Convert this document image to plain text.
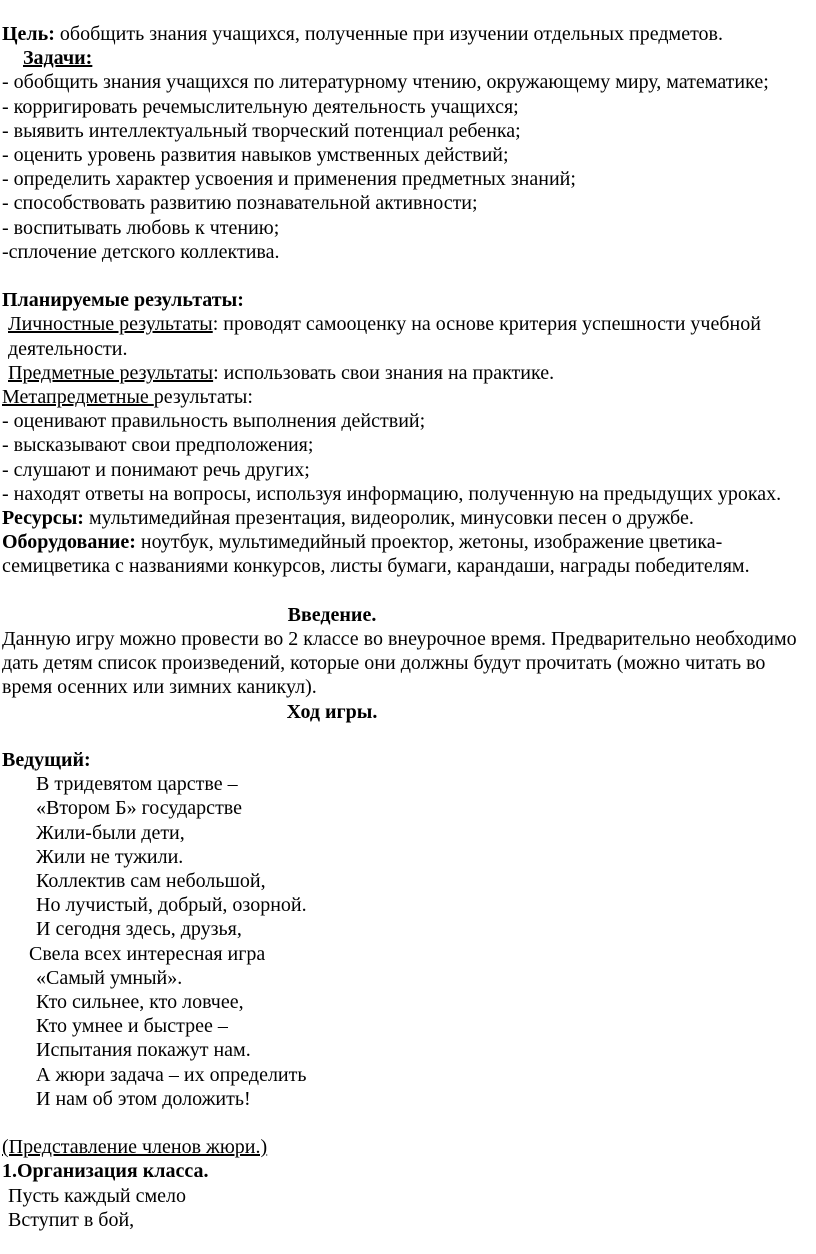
Цель: обобщить знания учащихся, полученные при изучении отдельных предметов.
Задачи:
- обобщить знания учащихся по литературному чтению, окружающему миру, математике;
- корригировать речемыслительную деятельность учащихся;
- выявить интеллектуальный творческий потенциал ребенка;
- оценить уровень развития навыков умственных действий;
- определить характер усвоения и применения предметных знаний;
- способствовать развитию познавательной активности;
- воспитывать любовь к чтению;
-сплочение детского коллектива.
Планируемые результаты:
Личностные результаты: проводят самооценку на основе критерия успешности учебной деятельности.
Предметные результаты: использовать свои знания на практике.
Метапредметные результаты:
- оценивают правильность выполнения действий;
- высказывают свои предположения;
- слушают и понимают речь других;
- находят ответы на вопросы, используя информацию, полученную на предыдущих уроках.
Ресурсы: мультимедийная презентация, видеоролик, минусовки песен о дружбе.
Оборудование: ноутбук, мультимедийный проектор, жетоны, изображение цветика-семицветика с названиями конкурсов, листы бумаги, карандаши, награды победителям.
Введение.
Данную игру можно провести во 2 классе во внеурочное время. Предварительно необходимо дать детям список произведений, которые они должны будут прочитать (можно читать во время осенних или зимних каникул).
Ход игры.
Ведущий:
В тридевятом царстве –
«Втором Б» государстве
Жили-были дети,
Жили не тужили.
Коллектив сам небольшой,
Но лучистый, добрый, озорной.
И сегодня здесь, друзья,
Свела всех интересная игра
«Самый умный».
Кто сильнее, кто ловчее,
Кто умнее и быстрее –
Испытания покажут нам.
А жюри задача – их определить
И нам об этом доложить!
(Представление членов жюри.)
1.Организация класса.
Пусть каждый смело
Вступит в бой,
